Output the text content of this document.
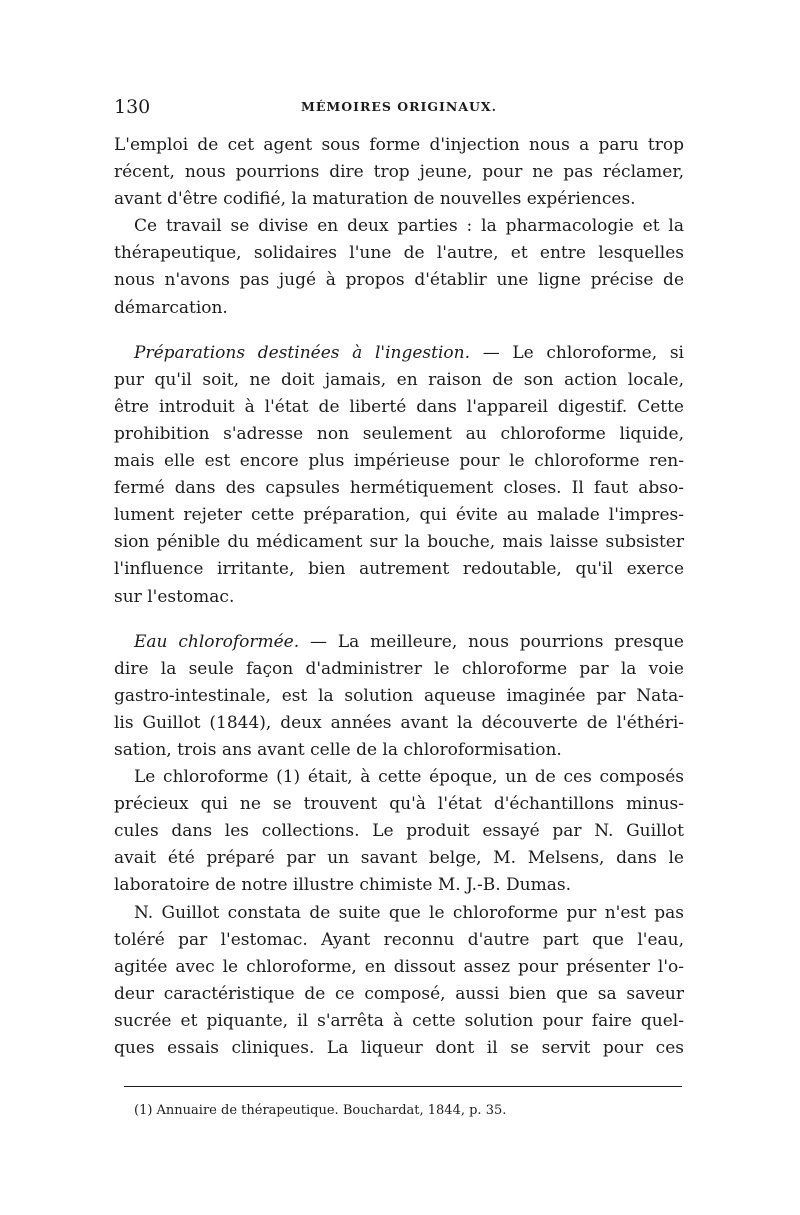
130	MÉMOIRES ORIGINAUX.
L'emploi de cet agent sous forme d'injection nous a paru trop
récent, nous pourrions dire trop jeune, pour ne pas réclamer,
avant d'être codifié, la maturation de nouvelles expériences.
Ce travail se divise en deux parties : la pharmacologie et la
thérapeutique, solidaires l'une de l'autre, et entre lesquelles
nous n'avons pas jugé à propos d'établir une ligne précise de
démarcation.
Préparations destinées à l'ingestion. — Le chloroforme, si
pur qu'il soit, ne doit jamais, en raison de son action locale,
être introduit à l'état de liberté dans l'appareil digestif. Cette
prohibition s'adresse non seulement au chloroforme liquide,
mais elle est encore plus impérieuse pour le chloroforme ren-
fermé dans des capsules hermétiquement closes. Il faut abso-
lument rejeter cette préparation, qui évite au malade l'impres-
sion pénible du médicament sur la bouche, mais laisse subsister
l'influence irritante, bien autrement redoutable, qu'il exerce
sur l'estomac.
Eau chloroformée. — La meilleure, nous pourrions presque
dire la seule façon d'administrer le chloroforme par la voie
gastro-intestinale, est la solution aqueuse imaginée par Nata-
lis Guillot (1844), deux années avant la découverte de l'éthéri-
sation, trois ans avant celle de la chloroformisation.
Le chloroforme (1) était, à cette époque, un de ces composés
précieux qui ne se trouvent qu'à l'état d'échantillons minus-
cules dans les collections. Le produit essayé par N. Guillot
avait été préparé par un savant belge, M. Melsens, dans le
laboratoire de notre illustre chimiste M. J.-B. Dumas.
N. Guillot constata de suite que le chloroforme pur n'est pas
toléré par l'estomac. Ayant reconnu d'autre part que l'eau,
agitée avec le chloroforme, en dissout assez pour présenter l'o-
deur caractéristique de ce composé, aussi bien que sa saveur
sucrée et piquante, il s'arrêta à cette solution pour faire quel-
ques essais cliniques. La liqueur dont il se servit pour ces
(1) Annuaire de thérapeutique. Bouchardat, 1844, p. 35.
